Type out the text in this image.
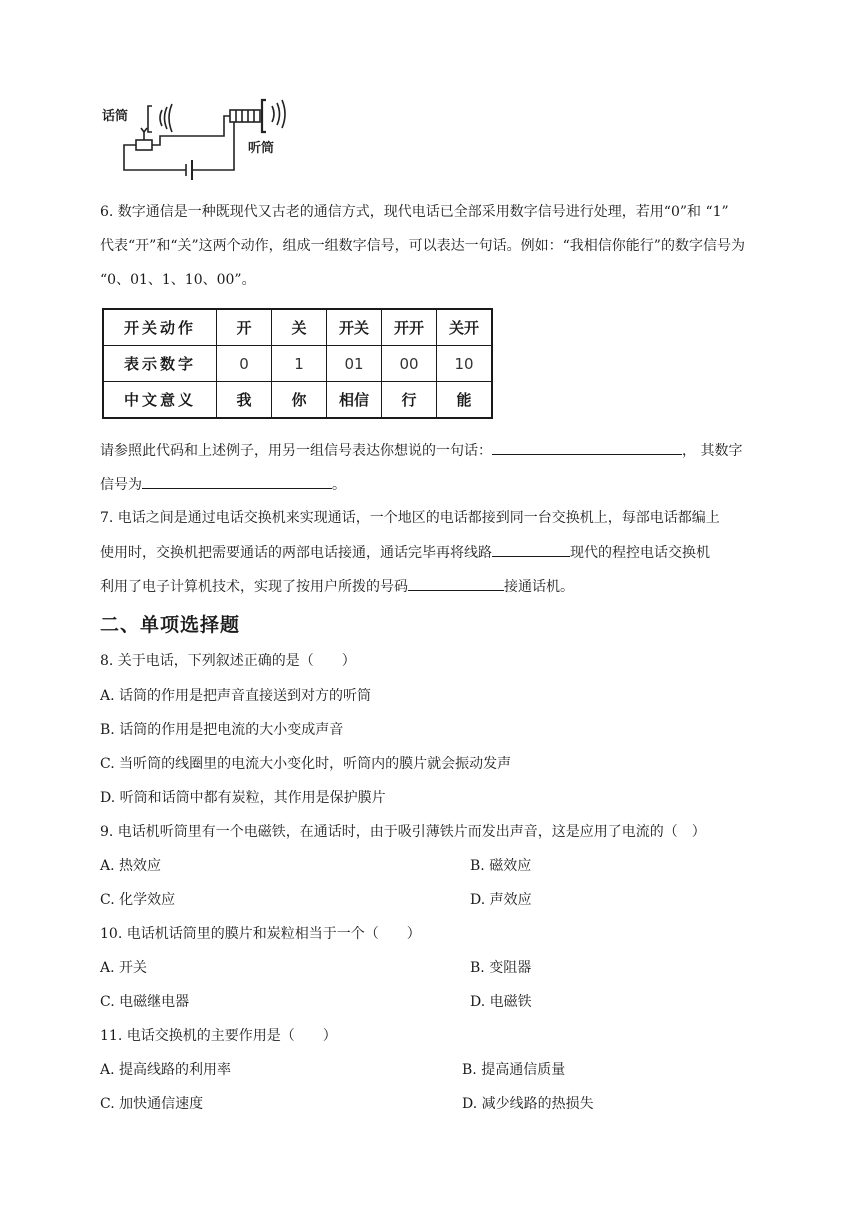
话筒
听筒
6. 数字通信是一种既现代又古老的通信方式，现代电话已全部采用数字信号进行处理，若用“0”和 “1”
代表“开”和“关”这两个动作，组成一组数字信号，可以表达一句话。例如：“我相信你能行”的数字信号为
“0、01、1、10、00”。
开关动作	开	关	开关	开开	关开
表示数字	0	1	01	00	10
中文意义	我	你	相信	行	能
请参照此代码和上述例子，用另一组信号表达你想说的一句话：	， 其数字
信号为	。
7. 电话之间是通过电话交换机来实现通话，一个地区的电话都接到同一台交换机上，每部电话都编上
使用时，交换机把需要通话的两部电话接通，通话完毕再将线路	现代的程控电话交换机
利用了电子计算机技术，实现了按用户所拨的号码	接通话机。
二、单项选择题
8. 关于电话，下列叙述正确的是（　　）
A. 话筒的作用是把声音直接送到对方的听筒
B. 话筒的作用是把电流的大小变成声音
C. 当听筒的线圈里的电流大小变化时，听筒内的膜片就会振动发声
D. 听筒和话筒中都有炭粒，其作用是保护膜片
9. 电话机听筒里有一个电磁铁，在通话时，由于吸引薄铁片而发出声音，这是应用了电流的（　）
A. 热效应	B. 磁效应
C. 化学效应	D. 声效应
10. 电话机话筒里的膜片和炭粒相当于一个（　　）
A. 开关	B. 变阻器
C. 电磁继电器	D. 电磁铁
11. 电话交换机的主要作用是（　　）
A. 提高线路的利用率	B. 提高通信质量
C. 加快通信速度	D. 减少线路的热损失
